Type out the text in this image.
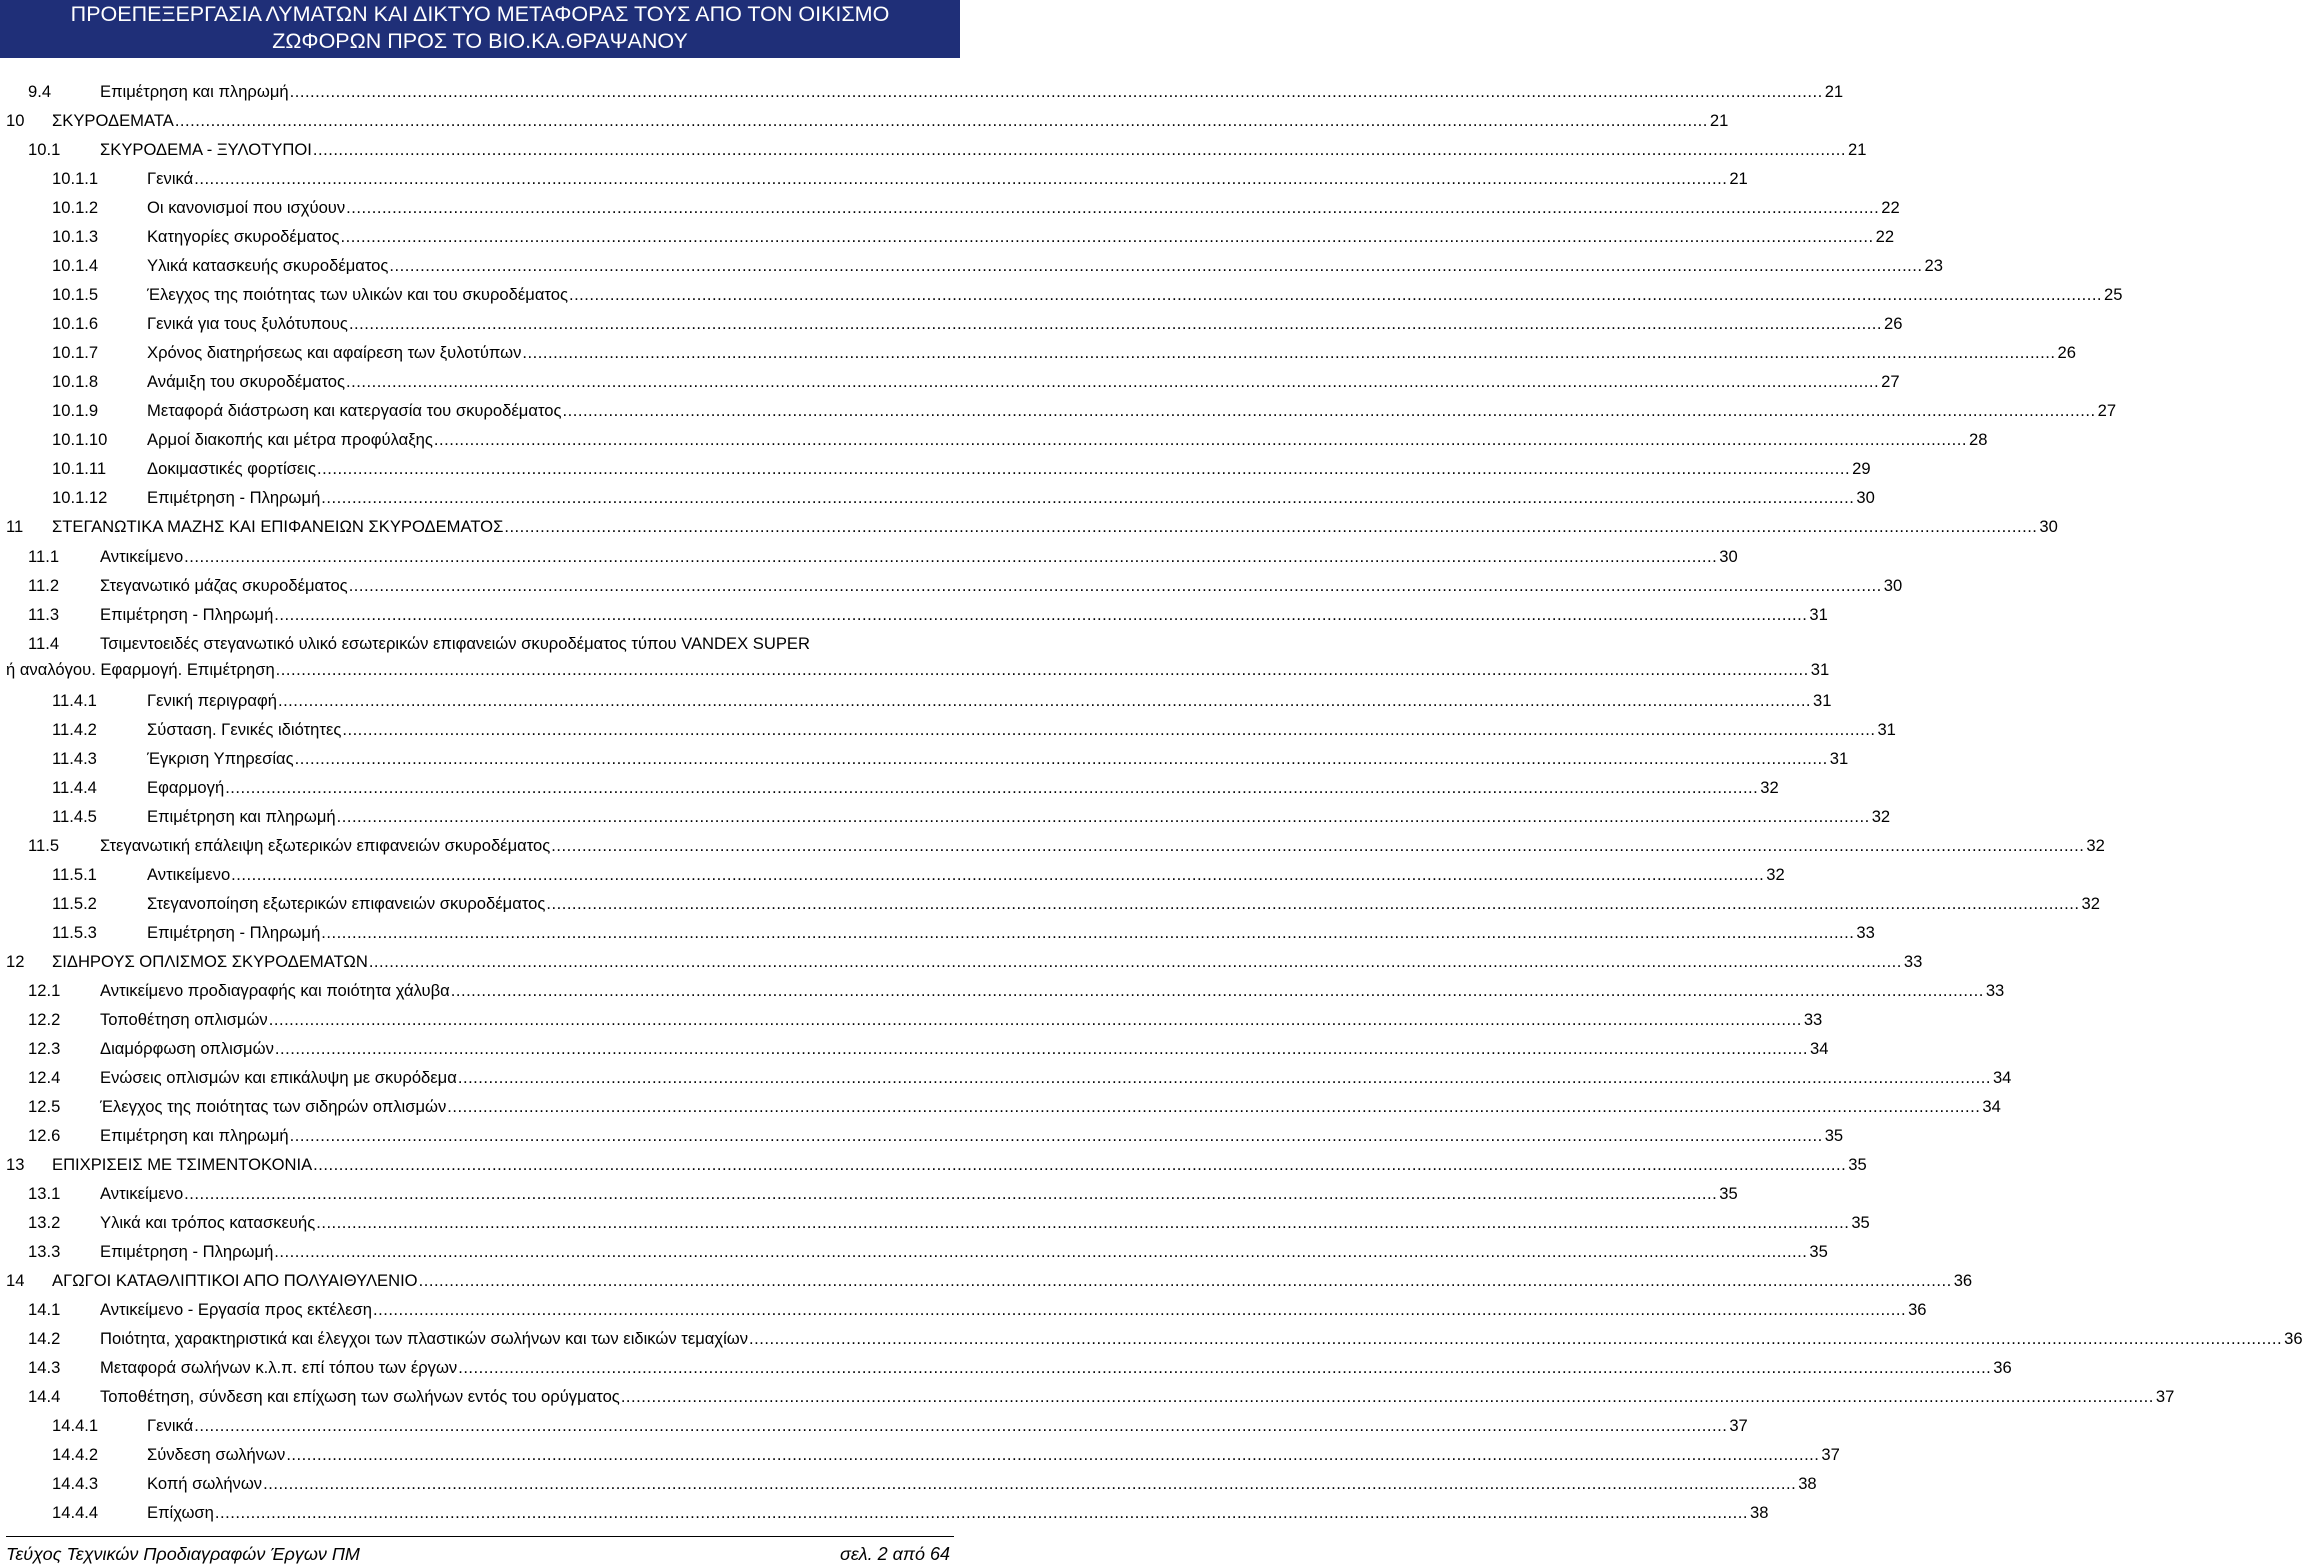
ΠΡΟΕΠΕΞΕΡΓΑΣΙΑ ΛΥΜΑΤΩΝ ΚΑΙ ΔΙΚΤΥΟ ΜΕΤΑΦΟΡΑΣ ΤΟΥΣ ΑΠΟ ΤΟΝ ΟΙΚΙΣΜΟ
ΖΩΦΟΡΩΝ ΠΡΟΣ ΤΟ ΒΙΟ.ΚΑ.ΘΡΑΨΑΝΟΥ
9.4	Επιμέτρηση και πληρωμή ............................................................................................................................................................................................................................................................................................................ 21
10 ΣΚΥΡΟΔΕΜΑΤΑ ............................................................................................................................................................................................................................................................................................................ 21
10.1 ΣΚΥΡΟΔΕΜΑ - ΞΥΛΟΤΥΠΟΙ ............................................................................................................................................................................................................................................................................................................ 21
10.1.1	Γενικά ............................................................................................................................................................................................................................................................................................................ 21
10.1.2	Οι κανονισμοί που ισχύουν ............................................................................................................................................................................................................................................................................................................ 22
10.1.3	Κατηγορίες σκυροδέματος ............................................................................................................................................................................................................................................................................................................ 22
10.1.4	Υλικά κατασκευής σκυροδέματος ............................................................................................................................................................................................................................................................................................................ 23
10.1.5	Έλεγχος της ποιότητας των υλικών και του σκυροδέματος ............................................................................................................................................................................................................................................................................................................ 25
10.1.6	Γενικά για τους ξυλότυπους ............................................................................................................................................................................................................................................................................................................ 26
10.1.7	Χρόνος διατηρήσεως και αφαίρεση των ξυλοτύπων ............................................................................................................................................................................................................................................................................................................ 26
10.1.8	Ανάμιξη του σκυροδέματος ............................................................................................................................................................................................................................................................................................................ 27
10.1.9	Μεταφορά διάστρωση και κατεργασία του σκυροδέματος ............................................................................................................................................................................................................................................................................................................ 27
10.1.10 Αρμοί διακοπής και μέτρα προφύλαξης ............................................................................................................................................................................................................................................................................................................ 28
10.1.11 Δοκιμαστικές φορτίσεις ............................................................................................................................................................................................................................................................................................................ 29
10.1.12 Επιμέτρηση - Πληρωμή ............................................................................................................................................................................................................................................................................................................ 30
11 ΣΤΕΓΑΝΩΤΙΚΑ ΜΑΖΗΣ ΚΑΙ ΕΠΙΦΑΝΕΙΩΝ ΣΚΥΡΟΔΕΜΑΤΟΣ ............................................................................................................................................................................................................................................................................................................ 30
11.1 Αντικείμενο ............................................................................................................................................................................................................................................................................................................ 30
11.2 Στεγανωτικό μάζας σκυροδέματος ............................................................................................................................................................................................................................................................................................................ 30
11.3 Επιμέτρηση - Πληρωμή ............................................................................................................................................................................................................................................................................................................ 31
11.4 Τσιμεντοειδές στεγανωτικό υλικό εσωτερικών επιφανειών σκυροδέματος τύπου VANDEX SUPER
ή αναλόγου. Εφαρμογή. Επιμέτρηση ............................................................................................................................................................................................................................................................................................................ 31
11.4.1	Γενική περιγραφή ............................................................................................................................................................................................................................................................................................................ 31
11.4.2	Σύσταση. Γενικές ιδιότητες ............................................................................................................................................................................................................................................................................................................ 31
11.4.3	Έγκριση Υπηρεσίας ............................................................................................................................................................................................................................................................................................................ 31
11.4.4	Εφαρμογή ............................................................................................................................................................................................................................................................................................................ 32
11.4.5	Επιμέτρηση και πληρωμή ............................................................................................................................................................................................................................................................................................................ 32
11.5 Στεγανωτική επάλειψη εξωτερικών επιφανειών σκυροδέματος ............................................................................................................................................................................................................................................................................................................ 32
11.5.1	Αντικείμενο ............................................................................................................................................................................................................................................................................................................ 32
11.5.2	Στεγανοποίηση εξωτερικών επιφανειών σκυροδέματος ............................................................................................................................................................................................................................................................................................................ 32
11.5.3	Επιμέτρηση - Πληρωμή ............................................................................................................................................................................................................................................................................................................ 33
12 ΣΙΔΗΡΟΥΣ ΟΠΛΙΣΜΟΣ ΣΚΥΡΟΔΕΜΑΤΩΝ ............................................................................................................................................................................................................................................................................................................ 33
12.1 Αντικείμενο προδιαγραφής και ποιότητα χάλυβα ............................................................................................................................................................................................................................................................................................................ 33
12.2 Τοποθέτηση οπλισμών ............................................................................................................................................................................................................................................................................................................ 33
12.3 Διαμόρφωση οπλισμών ............................................................................................................................................................................................................................................................................................................ 34
12.4 Ενώσεις οπλισμών και επικάλυψη με σκυρόδεμα ............................................................................................................................................................................................................................................................................................................ 34
12.5 Έλεγχος της ποιότητας των σιδηρών οπλισμών ............................................................................................................................................................................................................................................................................................................ 34
12.6 Επιμέτρηση και πληρωμή ............................................................................................................................................................................................................................................................................................................ 35
13 ΕΠΙΧΡΙΣΕΙΣ ΜΕ ΤΣΙΜΕΝΤΟΚΟΝΙΑ ............................................................................................................................................................................................................................................................................................................ 35
13.1 Αντικείμενο ............................................................................................................................................................................................................................................................................................................ 35
13.2 Υλικά και τρόπος κατασκευής ............................................................................................................................................................................................................................................................................................................ 35
13.3 Επιμέτρηση - Πληρωμή ............................................................................................................................................................................................................................................................................................................ 35
14 ΑΓΩΓΟΙ ΚΑΤΑΘΛΙΠΤΙΚΟΙ ΑΠΟ ΠΟΛΥΑΙΘΥΛΕΝΙΟ ............................................................................................................................................................................................................................................................................................................ 36
14.1 Αντικείμενο - Εργασία προς εκτέλεση ............................................................................................................................................................................................................................................................................................................ 36
14.2 Ποιότητα, χαρακτηριστικά και έλεγχοι των πλαστικών σωλήνων και των ειδικών τεμαχίων ............................................................................................................................................................................................................................................................................................................ 36
14.3 Μεταφορά σωλήνων κ.λ.π. επί τόπου των έργων ............................................................................................................................................................................................................................................................................................................ 36
14.4 Τοποθέτηση, σύνδεση και επίχωση των σωλήνων εντός του ορύγματος ............................................................................................................................................................................................................................................................................................................ 37
14.4.1	Γενικά ............................................................................................................................................................................................................................................................................................................ 37
14.4.2	Σύνδεση σωλήνων ............................................................................................................................................................................................................................................................................................................ 37
14.4.3	Κοπή σωλήνων ............................................................................................................................................................................................................................................................................................................ 38
14.4.4	Επίχωση ............................................................................................................................................................................................................................................................................................................ 38
Τεύχος Τεχνικών Προδιαγραφών Έργων ΠΜ	σελ. 2 από 64
